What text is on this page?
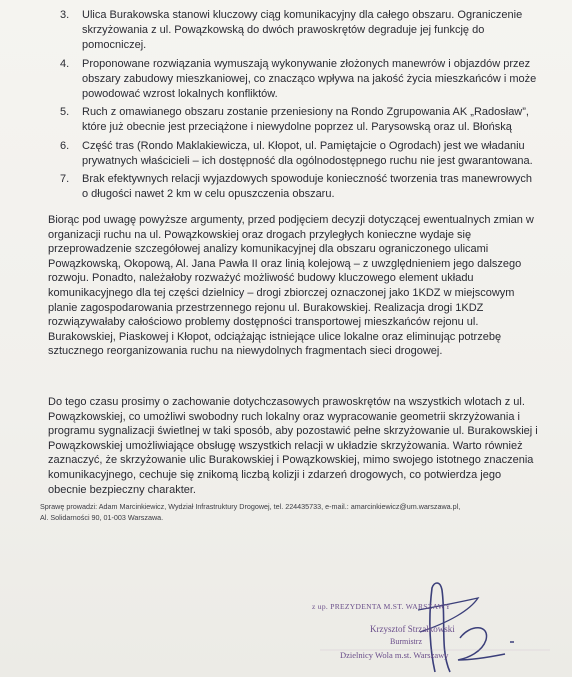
3.	Ulica Burakowska stanowi kluczowy ciąg komunikacyjny dla całego obszaru. Ograniczenie skrzyżowania z ul. Powązkowską do dwóch prawoskrętów degraduje jej funkcję do pomocniczej.
4.	Proponowane rozwiązania wymuszają wykonywanie złożonych manewrów i objazdów przez obszary zabudowy mieszkaniowej, co znacząco wpływa na jakość życia mieszkańców i może powodować wzrost lokalnych konfliktów.
5.	Ruch z omawianego obszaru zostanie przeniesiony na Rondo Zgrupowania AK „Radosław”, które już obecnie jest przeciążone i niewydolne poprzez ul. Parysowską oraz ul. Błońską
6.	Część tras (Rondo Maklakiewicza, ul. Kłopot, ul. Pamiętajcie o Ogrodach) jest we władaniu prywatnych właścicieli – ich dostępność dla ogólnodostępnego ruchu nie jest gwarantowana.
7.	Brak efektywnych relacji wyjazdowych spowoduje konieczność tworzenia tras manewrowych o długości nawet 2 km w celu opuszczenia obszaru.

Biorąc pod uwagę powyższe argumenty, przed podjęciem decyzji dotyczącej ewentualnych zmian w organizacji ruchu na ul. Powązkowskiej oraz drogach przyległych konieczne wydaje się przeprowadzenie szczegółowej analizy komunikacyjnej dla obszaru ograniczonego ulicami Powązkowską, Okopową, Al. Jana Pawła II oraz linią kolejową – z uwzględnieniem jego dalszego rozwoju. Ponadto, należałoby rozważyć możliwość budowy kluczowego element układu komunikacyjnego dla tej części dzielnicy – drogi zbiorczej oznaczonej jako 1KDZ w miejscowym planie zagospodarowania przestrzennego rejonu ul. Burakowskiej. Realizacja drogi 1KDZ rozwiązywałaby całościowo problemy dostępności transportowej mieszkańców rejonu ul. Burakowskiej, Piaskowej i Kłopot, odciążając istniejące ulice lokalne oraz eliminując potrzebę sztucznego reorganizowania ruchu na niewydolnych fragmentach sieci drogowej.

Do tego czasu prosimy o zachowanie dotychczasowych prawoskrętów na wszystkich wlotach z ul. Powązkowskiej, co umożliwi swobodny ruch lokalny oraz wypracowanie geometrii skrzyżowania i programu sygnalizacji świetlnej w taki sposób, aby pozostawić pełne skrzyżowanie ul. Burakowskiej i Powązkowskiej umożliwiające obsługę wszystkich relacji w układzie skrzyżowania. Warto również zaznaczyć, że skrzyżowanie ulic Burakowskiej i Powązkowskiej, mimo swojego istotnego znaczenia komunikacyjnego, cechuje się znikomą liczbą kolizji i zdarzeń drogowych, co potwierdza jego obecnie bezpieczny charakter.

Sprawę prowadzi: Adam Marcinkiewicz, Wydział Infrastruktury Drogowej, tel. 224435733, e-mail.: amarcinkiewicz@um.warszawa.pl,
Al. Solidarności 90, 01-003 Warszawa.
z up. PREZYDENTA M.ST. WARSZAWY
Krzysztof Strzałkowski
Burmistrz
Dzielnicy Wola m.st. Warszawy
